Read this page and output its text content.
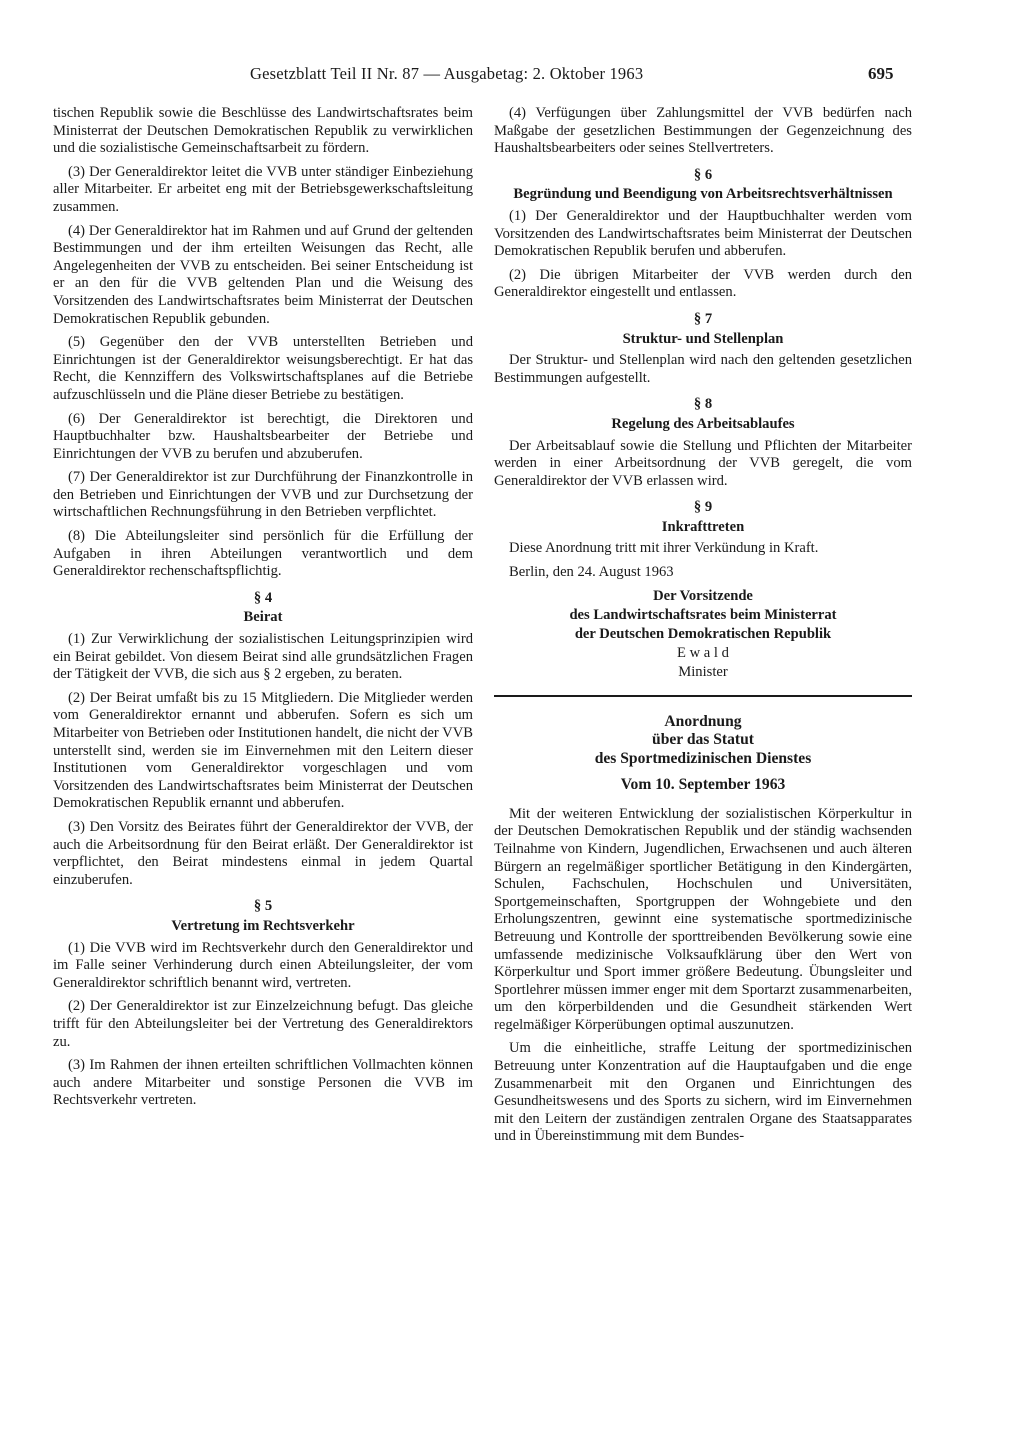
Gesetzblatt Teil II Nr. 87 — Ausgabetag: 2. Oktober 1963	695

tischen Republik sowie die Beschlüsse des Landwirtschaftsrates beim Ministerrat der Deutschen Demokratischen Republik zu verwirklichen und die sozialistische Gemeinschaftsarbeit zu fördern.

(3) Der Generaldirektor leitet die VVB unter ständiger Einbeziehung aller Mitarbeiter. Er arbeitet eng mit der Betriebsgewerkschaftsleitung zusammen.

(4) Der Generaldirektor hat im Rahmen und auf Grund der geltenden Bestimmungen und der ihm erteilten Weisungen das Recht, alle Angelegenheiten der VVB zu entscheiden. Bei seiner Entscheidung ist er an den für die VVB geltenden Plan und die Weisung des Vorsitzenden des Landwirtschaftsrates beim Ministerrat der Deutschen Demokratischen Republik gebunden.

(5) Gegenüber den der VVB unterstellten Betrieben und Einrichtungen ist der Generaldirektor weisungsberechtigt. Er hat das Recht, die Kennziffern des Volkswirtschaftsplanes auf die Betriebe aufzuschlüsseln und die Pläne dieser Betriebe zu bestätigen.

(6) Der Generaldirektor ist berechtigt, die Direktoren und Hauptbuchhalter bzw. Haushaltsbearbeiter der Betriebe und Einrichtungen der VVB zu berufen und abzuberufen.

(7) Der Generaldirektor ist zur Durchführung der Finanzkontrolle in den Betrieben und Einrichtungen der VVB und zur Durchsetzung der wirtschaftlichen Rechnungsführung in den Betrieben verpflichtet.

(8) Die Abteilungsleiter sind persönlich für die Erfüllung der Aufgaben in ihren Abteilungen verantwortlich und dem Generaldirektor rechenschaftspflichtig.

§ 4
Beirat

(1) Zur Verwirklichung der sozialistischen Leitungsprinzipien wird ein Beirat gebildet. Von diesem Beirat sind alle grundsätzlichen Fragen der Tätigkeit der VVB, die sich aus § 2 ergeben, zu beraten.

(2) Der Beirat umfaßt bis zu 15 Mitgliedern. Die Mitglieder werden vom Generaldirektor ernannt und abberufen. Sofern es sich um Mitarbeiter von Betrieben oder Institutionen handelt, die nicht der VVB unterstellt sind, werden sie im Einvernehmen mit den Leitern dieser Institutionen vom Generaldirektor vorgeschlagen und vom Vorsitzenden des Landwirtschaftsrates beim Ministerrat der Deutschen Demokratischen Republik ernannt und abberufen.

(3) Den Vorsitz des Beirates führt der Generaldirektor der VVB, der auch die Arbeitsordnung für den Beirat erläßt. Der Generaldirektor ist verpflichtet, den Beirat mindestens einmal in jedem Quartal einzuberufen.

§ 5
Vertretung im Rechtsverkehr

(1) Die VVB wird im Rechtsverkehr durch den Generaldirektor und im Falle seiner Verhinderung durch einen Abteilungsleiter, der vom Generaldirektor schriftlich benannt wird, vertreten.

(2) Der Generaldirektor ist zur Einzelzeichnung befugt. Das gleiche trifft für den Abteilungsleiter bei der Vertretung des Generaldirektors zu.

(3) Im Rahmen der ihnen erteilten schriftlichen Vollmachten können auch andere Mitarbeiter und sonstige Personen die VVB im Rechtsverkehr vertreten.

(4) Verfügungen über Zahlungsmittel der VVB bedürfen nach Maßgabe der gesetzlichen Bestimmungen der Gegenzeichnung des Haushaltsbearbeiters oder seines Stellvertreters.

§ 6
Begründung und Beendigung von Arbeitsrechtsverhältnissen

(1) Der Generaldirektor und der Hauptbuchhalter werden vom Vorsitzenden des Landwirtschaftsrates beim Ministerrat der Deutschen Demokratischen Republik berufen und abberufen.

(2) Die übrigen Mitarbeiter der VVB werden durch den Generaldirektor eingestellt und entlassen.

§ 7
Struktur- und Stellenplan

Der Struktur- und Stellenplan wird nach den geltenden gesetzlichen Bestimmungen aufgestellt.

§ 8
Regelung des Arbeitsablaufes

Der Arbeitsablauf sowie die Stellung und Pflichten der Mitarbeiter werden in einer Arbeitsordnung der VVB geregelt, die vom Generaldirektor der VVB erlassen wird.

§ 9
Inkrafttreten

Diese Anordnung tritt mit ihrer Verkündung in Kraft.

Berlin, den 24. August 1963

Der Vorsitzende
des Landwirtschaftsrates beim Ministerrat
der Deutschen Demokratischen Republik
E w a l d
Minister
Anordnung
über das Statut
des Sportmedizinischen Dienstes
Vom 10. September 1963

Mit der weiteren Entwicklung der sozialistischen Körperkultur in der Deutschen Demokratischen Republik und der ständig wachsenden Teilnahme von Kindern, Jugendlichen, Erwachsenen und auch älteren Bürgern an regelmäßiger sportlicher Betätigung in den Kindergärten, Schulen, Fachschulen, Hochschulen und Universitäten, Sportgemeinschaften, Sportgruppen der Wohngebiete und den Erholungszentren, gewinnt eine systematische sportmedizinische Betreuung und Kontrolle der sporttreibenden Bevölkerung sowie eine umfassende medizinische Volksaufklärung über den Wert von Körperkultur und Sport immer größere Bedeutung. Übungsleiter und Sportlehrer müssen immer enger mit dem Sportarzt zusammenarbeiten, um den körperbildenden und die Gesundheit stärkenden Wert regelmäßiger Körperübungen optimal auszunutzen.

Um die einheitliche, straffe Leitung der sportmedizinischen Betreuung unter Konzentration auf die Hauptaufgaben und die enge Zusammenarbeit mit den Organen und Einrichtungen des Gesundheitswesens und des Sports zu sichern, wird im Einvernehmen mit den Leitern der zuständigen zentralen Organe des Staatsapparates und in Übereinstimmung mit dem Bundes-
